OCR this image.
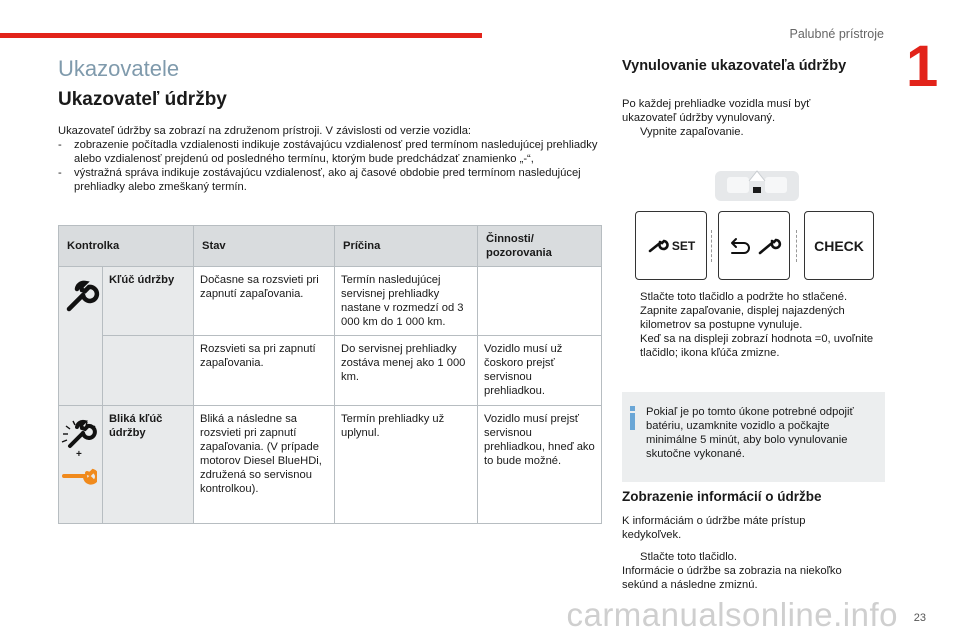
Palubné prístroje 1
Ukazovatele
Ukazovateľ údržby

Ukazovateľ údržby sa zobrazí na združenom prístroji. V závislosti od verzie vozidla:

- zobrazenie počítadla vzdialenosti indikuje zostávajúcu vzdialenosť pred termínom nasledujúcej prehliadky alebo vzdialenosť prejdenú od posledného termínu, ktorým bude predchádzať znamienko „-“,

- výstražná správa indikuje zostávajúcu vzdialenosť, ako aj časové obdobie pred termínom nasledujúcej prehliadky alebo zmeškaný termín.

Kontrolka		Stav	Príčina	Činnosti/ pozorovania

	Kľúč údržby	Dočasne sa rozsvieti pri zapnutí zapaľovania.	Termín nasledujúcej servisnej prehliadky nastane v rozmedzí od 3 000 km do 1 000 km.	
		Rozsvieti sa pri zapnutí zapaľovania.	Do servisnej prehliadky zostáva menej ako 1 000 km.	Vozidlo musí už čoskoro prejsť servisnou prehliadkou.

+	Bliká kľúč údržby	Bliká a následne sa rozsvieti pri zapnutí zapaľovania. (V prípade motorov Diesel BlueHDi, združená so servisnou kontrolkou).	Termín prehliadky už uplynul.	Vozidlo musí prejsť servisnou prehliadkou, hneď ako to bude možné.
Vynulovanie ukazovateľa údržby

Po každej prehliadke vozidla musí byť ukazovateľ údržby vynulovaný.

Vypnite zapaľovanie.

SET	CHECK

Stlačte toto tlačidlo a podržte ho stlačené.

Zapnite zapaľovanie, displej najazdených kilometrov sa postupne vynuluje.

Keď sa na displeji zobrazí hodnota =0, uvoľnite tlačidlo; ikona kľúča zmizne.

Pokiaľ je po tomto úkone potrebné odpojiť batériu, uzamknite vozidlo a počkajte minimálne 5 minút, aby bolo vynulovanie skutočne vykonané.
Zobrazenie informácií o údržbe
K informáciám o údržbe máte prístup kedykoľvek.

Stlačte toto tlačidlo.

Informácie o údržbe sa zobrazia na niekoľko sekúnd a následne zmiznú.

carmanualsonline.info 23
